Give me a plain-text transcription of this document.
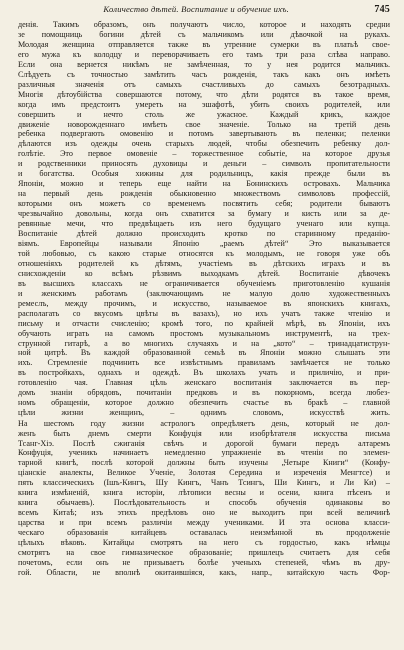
Количество дѣтей. Воспитание и обучение ихъ.	745
денія. Такимъ образомъ, онъ получаютъ число, которое и находять средни
зе помощниць богини дѣтей съ мальчикомъ или дѣвочкой на рукахъ.
Молодая женщина отправляется также въ утренние сумерки въ платьѣ свое-
его мужа къ колодцу и переворачиваеть его тамъ три раза слѣва направо.
Если она вернется никѣмъ не замѣченная, то у нея родится мальчикъ.
Слѣдуеть съ точностью замѣтить часъ рожденія, такъ какъ онъ имѣеть
различныя значенія отъ самыхъ счастливыхъ до самыхъ безотрадныхъ.
Многія дѣтоубійства совершаются потому, что дѣти родятся въ такое время,
когда имъ предстоитъ умереть на эшафотѣ, убить своихъ родителей, или
совершить и нечто столь же ужасное. Каждый крикъ, каждое
движеніе новорожденнаго имѣеть свое значеніе. Только на третій день
ребенка подвергають омовенію и потомъ завертывають въ пеленки; пеленки
дѣлаются изъ одежды очень старыхъ людей, чтобы обезпечить ребенку дол-
голѣтіе. Это первое омовеніе – торжественное событіе, на которое друзья
и родственники приносять духовицы и деньги – символъ пропитательности
и богатства. Особыя хижины для родильницъ, какія прежде были въ
Японіи, можно и теперь еще найти на Бонинскихъ островахъ. Мальчика
на первый день рожденія обыкновенно множествомъ символовъ профессій,
которыми онъ можетъ со временемъ посвятить себя; родители бываютъ
чрезвычайно довольны, когда онъ схватится за бумагу и кисть или за де-
ревянные мечи, что предвѣщаеть изъ него будущаго ученаго или купца.
Воспитаніе дѣтей должно происходить кротко по старинному преданію-
віямъ. Европейцы называли Японію „раемъ дѣтей“ Это выказывается
той любовью, съ какою старые относятся къ молодымъ, не говоря уже объ
отношеніяхъ родителей къ дѣтямъ, участіемъ въ дѣтскихъ играхъ и въ
снисхожденіи ко всѣмъ рѣзвимъ выходкамъ дѣтей. Воспитаніе дѣвочекъ
въ высшихъ классахъ не ограничивается обученіемъ приготовленію кушанія
и женскимъ работамъ (заключающимъ не малую долю художественныхъ
ремеслъ, между прочимъ, и искусство, называемое въ японскихъ книгахъ,
располагать со вкусомъ цвѣты въ вазахъ), но ихъ учатъ также чтенію и
письму и отчасти счисленію; кромѣ того, по крайней мѣрѣ, въ Японіи, ихъ
обучають играть на самомъ простомъ музыкальномъ инструментѣ, на трех-
струнной гитарѣ, а во многихъ случаяхъ и на „кото“ – тринадцатиструн-
ной цитрѣ. Въ каждой образованной семьѣ въ Японіи можно слышать эти
ихъ. Стремленіе подчинить все извѣстнымъ правиламъ замѣчается не только
въ постройкахъ, однахъ и одеждѣ. Въ школахъ учать и приличію, и при-
готовленію чая. Главная цѣль женскаго воспитанія заключается въ пер-
домъ знаніи обрядовъ, почитаніи предковъ и въ покорномъ, всегда любез-
номъ обращеніи, которое должно обезпечить счастье въ бракѣ – главной
цѣли жизни женщинъ, – однимъ словомъ, искусствѣ жить.
На шестомъ году жизни астрологъ опредѣляетъ день, который не дол-
женъ быть днемъ смерти Конфуція или изобрѣтателя искусства письма
Тсанг-Хіэ. Послѣ сжиганія свѣчъ и дорогой бумаги передъ алтаремъ
Конфуція, ученикъ начинаетъ немедленно упражненіе въ чтеніи по элемен-
тарной книгѣ, послѣ которой должны быть изучены „Четыре Книги“ (Конфу-
ціанскіе аналекты, Великое Ученіе, Золотая Середина и изреченія Менгтсе) и
пять классическихъ (Ішъ-Кингъ, Шу Кингъ, Чанъ Тсингъ, Ши Кингъ, и Ли Ки) –
книга измѣненій, книга исторіи, лѣтописи весны и осени, книга пѣсенъ и
книга обычаевъ). Послѣдовательность и способъ обученія одинаковы во
всемъ Китаѣ; изъ этихъ предѣловъ оно не выходитъ при всей величинѣ
царства и при всемъ различіи между учениками. И эта основа класси-
ческаго образованія китайцевъ оставалась неизмѣнной въ продолженіе
цѣлыхъ вѣковъ. Китайцы смотрятъ на него съ гордостью, какъ нѣмцы
смотрятъ на свое гимназическое образованіе; пришлецъ считаетъ для себя
почетомъ, если онъ не призываетъ болѣе ученыхъ степеней, чѣмъ въ дру-
гой. Области, не вполнѣ окитаившіяся, какъ, напр., китайскую часть Фор-
